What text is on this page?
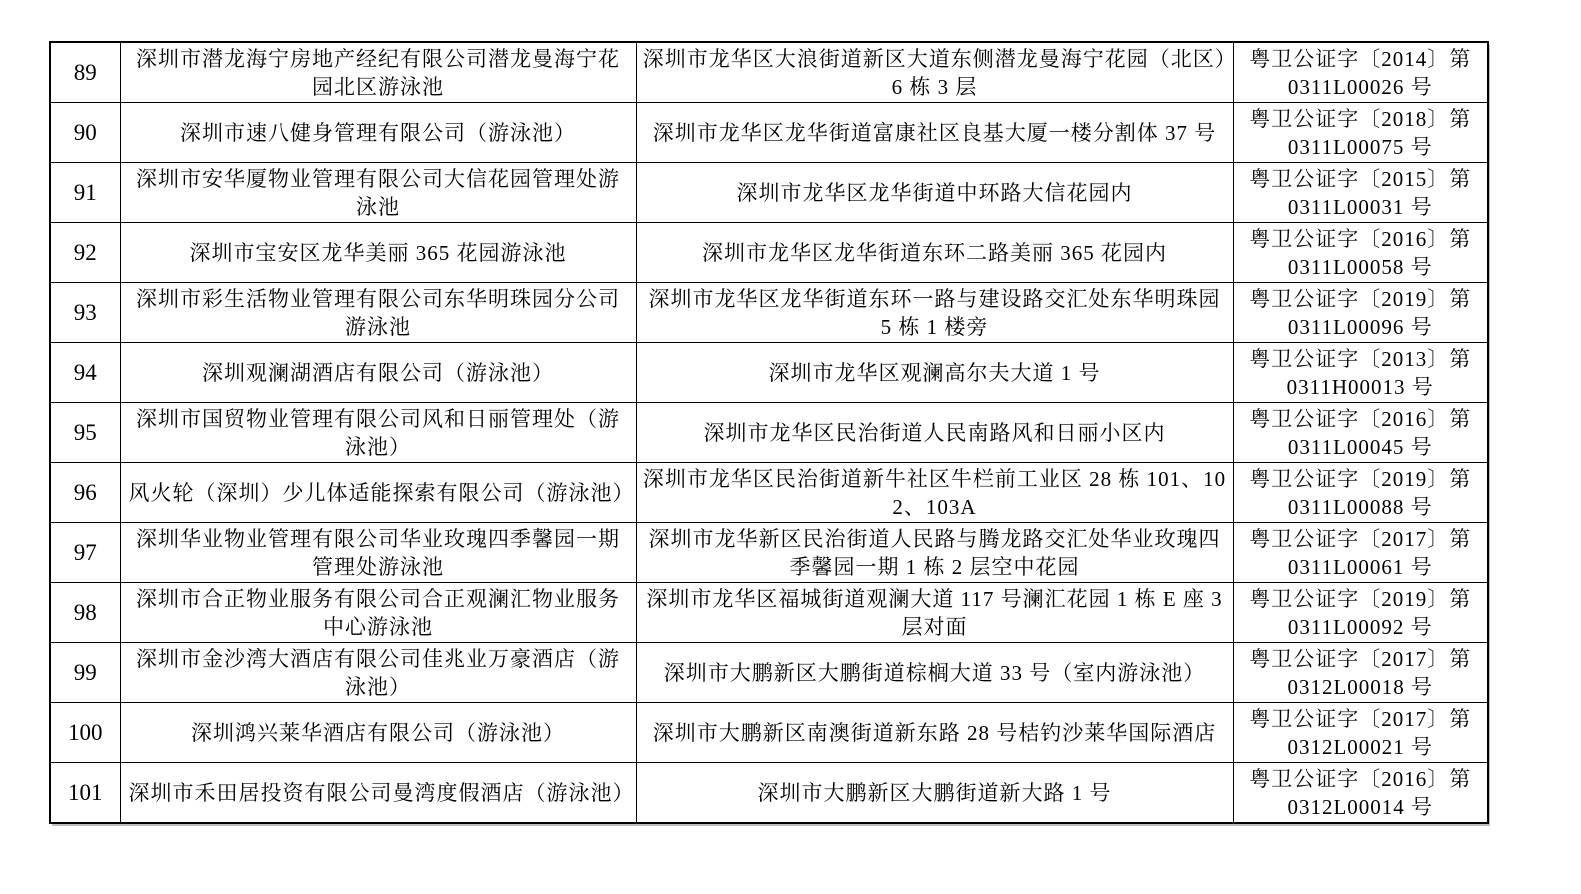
89	深圳市潜龙海宁房地产经纪有限公司潜龙曼海宁花园北区游泳池	深圳市龙华区大浪街道新区大道东侧潜龙曼海宁花园（北区）6 栋 3 层	粤卫公证字〔2014〕第
0311L00026 号

90	深圳市速八健身管理有限公司（游泳池）	深圳市龙华区龙华街道富康社区良基大厦一楼分割体 37 号	粤卫公证字〔2018〕第
0311L00075 号

91	深圳市安华厦物业管理有限公司大信花园管理处游泳池	深圳市龙华区龙华街道中环路大信花园内	粤卫公证字〔2015〕第
0311L00031 号

92	深圳市宝安区龙华美丽 365 花园游泳池	深圳市龙华区龙华街道东环二路美丽 365 花园内	粤卫公证字〔2016〕第
0311L00058 号

93	深圳市彩生活物业管理有限公司东华明珠园分公司游泳池	深圳市龙华区龙华街道东环一路与建设路交汇处东华明珠园 5 栋 1 楼旁	粤卫公证字〔2019〕第
0311L00096 号

94	深圳观澜湖酒店有限公司（游泳池）	深圳市龙华区观澜高尔夫大道 1 号	粤卫公证字〔2013〕第
0311H00013 号

95	深圳市国贸物业管理有限公司风和日丽管理处（游泳池）	深圳市龙华区民治街道人民南路风和日丽小区内	粤卫公证字〔2016〕第
0311L00045 号

96	风火轮（深圳）少儿体适能探索有限公司（游泳池）	深圳市龙华区民治街道新牛社区牛栏前工业区 28 栋 101、102、103A	粤卫公证字〔2019〕第
0311L00088 号

97	深圳华业物业管理有限公司华业玫瑰四季馨园一期管理处游泳池	深圳市龙华新区民治街道人民路与腾龙路交汇处华业玫瑰四季馨园一期 1 栋 2 层空中花园	粤卫公证字〔2017〕第
0311L00061 号

98	深圳市合正物业服务有限公司合正观澜汇物业服务中心游泳池	深圳市龙华区福城街道观澜大道 117 号澜汇花园 1 栋 E 座 3 层对面	粤卫公证字〔2019〕第
0311L00092 号

99	深圳市金沙湾大酒店有限公司佳兆业万豪酒店（游泳池）	深圳市大鹏新区大鹏街道棕榈大道 33 号（室内游泳池）	粤卫公证字〔2017〕第
0312L00018 号

100	深圳鸿兴莱华酒店有限公司（游泳池）	深圳市大鹏新区南澳街道新东路 28 号桔钓沙莱华国际酒店	粤卫公证字〔2017〕第
0312L00021 号

101	深圳市禾田居投资有限公司曼湾度假酒店（游泳池）	深圳市大鹏新区大鹏街道新大路 1 号	粤卫公证字〔2016〕第
0312L00014 号
